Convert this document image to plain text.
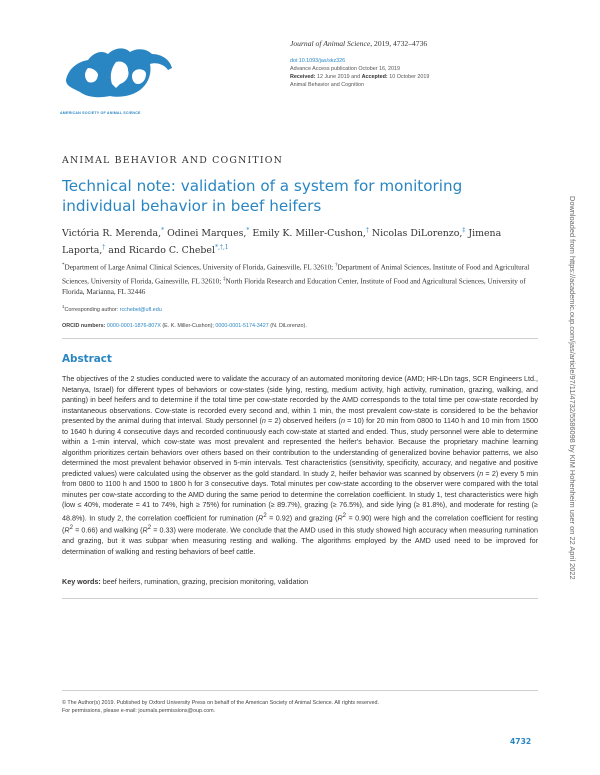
AMERICAN SOCIETY OF ANIMAL SCIENCE
Journal of Animal Science, 2019, 4732–4736
doi:10.1093/jas/skz326
Advance Access publication October 16, 2019
Received: 12 June 2019 and Accepted: 10 October 2019
Animal Behavior and Cognition
ANIMAL BEHAVIOR AND COGNITION
Technical note: validation of a system for monitoring individual behavior in beef heifers
Victória R. Merenda,* Odinei Marques,* Emily K. Miller-Cushon,† Nicolas DiLorenzo,‡ Jimena Laporta,† and Ricardo C. Chebel$^{*,\dagger,1}$
*Department of Large Animal Clinical Sciences, University of Florida, Gainesville, FL 32610; †Department of Animal Sciences, Institute of Food and Agricultural Sciences, University of Florida, Gainesville, FL 32610; ‡North Florida Research and Education Center, Institute of Food and Agricultural Sciences, University of Florida, Marianna, FL 32446
$^1$Corresponding author: rcchebel@ufl.edu
ORCID numbers: 0000-0001-1876-807X (E. K. Miller-Cushon); 0000-0001-5174-3427 (N. DiLorenzo).
Abstract

The objectives of the 2 studies conducted were to validate the accuracy of an automated monitoring device (AMD; HR-LDn tags, SCR Engineers Ltd., Netanya, Israel) for different types of behaviors or cow-states (side lying, resting, medium activity, high activity, rumination, grazing, walking, and panting) in beef heifers and to determine if the total time per cow-state recorded by the AMD corresponds to the total time per cow-state recorded by instantaneous observations. Cow-state is recorded every second and, within 1 min, the most prevalent cow-state is considered to be the behavior presented by the animal during that interval. Study personnel (n = 2) observed heifers (n = 10) for 20 min from 0800 to 1140 h and 10 min from 1500 to 1640 h during 4 consecutive days and recorded continuously each cow-state at started and ended. Thus, study personnel were able to determine within a 1-min interval, which cow-state was most prevalent and represented the heifer's behavior. Because the proprietary machine learning algorithm prioritizes certain behaviors over others based on their contribution to the understanding of generalized bovine behavior patterns, we also determined the most prevalent behavior observed in 5-min intervals. Test characteristics (sensitivity, specificity, accuracy, and negative and positive predicted values) were calculated using the observer as the gold standard. In study 2, heifer behavior was scanned by observers (n = 2) every 5 min from 0800 to 1100 h and 1500 to 1800 h for 3 consecutive days. Total minutes per cow-state according to the observer were compared with the total minutes per cow-state according to the AMD during the same period to determine the correlation coefficient. In study 1, test characteristics were high (low ≤ 40%, moderate = 41 to 74%, high ≥ 75%) for rumination (≥ 89.7%), grazing (≥ 76.5%), and side lying (≥ 81.8%), and moderate for resting (≥ 48.8%). In study 2, the correlation coefficient for rumination $(R^2 = 0.92)$ and grazing $(R^2 = 0.90)$ were high and the correlation coefficient for resting $(R^2 = 0.66)$ and walking $(R^2 = 0.33)$ were moderate. We conclude that the AMD used in this study showed high accuracy when measuring rumination and grazing, but it was subpar when measuring resting and walking. The algorithms employed by the AMD used need to be improved for determination of walking and resting behaviors of beef cattle.

Key words: beef heifers, rumination, grazing, precision monitoring, validation
© The Author(s) 2019. Published by Oxford University Press on behalf of the American Society of Animal Science. All rights reserved.
For permissions, please e-mail: journals.permissions@oup.com.
4732
Downloaded from https://academic.oup.com/jas/article/97/11/4732/5586098 by KIM Hohenheim user on 22 April 2022
